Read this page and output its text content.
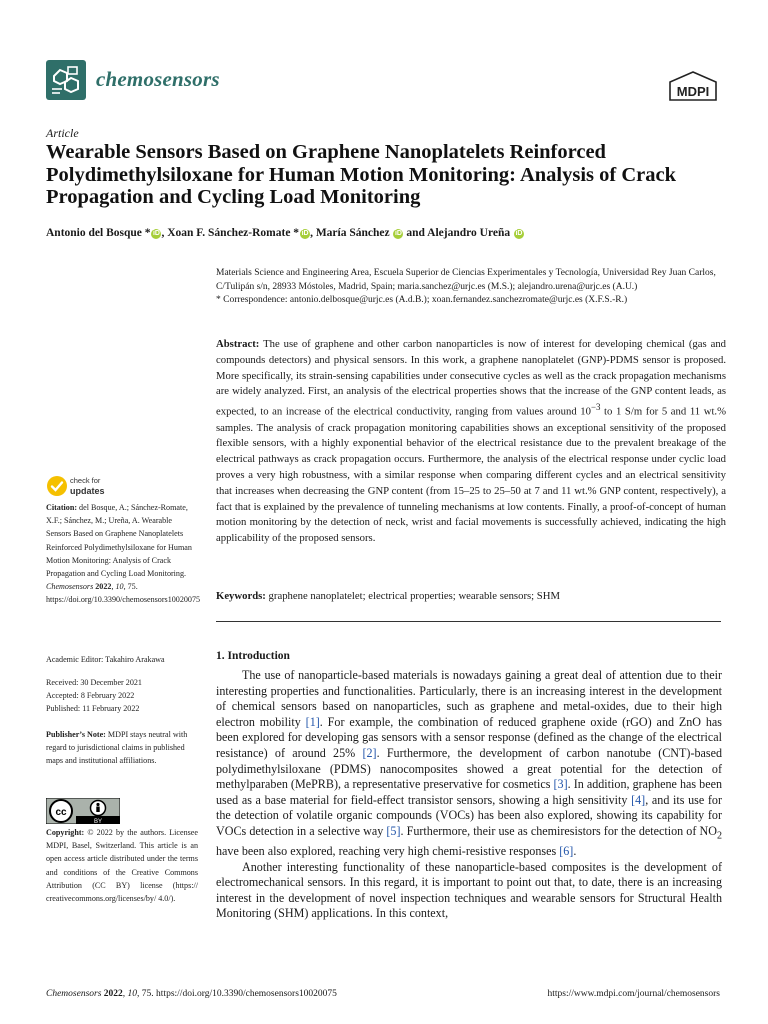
chemosensors
MDPI
Article
Wearable Sensors Based on Graphene Nanoplatelets Reinforced Polydimethylsiloxane for Human Motion Monitoring: Analysis of Crack Propagation and Cycling Load Monitoring
Antonio del Bosque * iD , Xoan F. Sánchez-Romate * iD , María Sánchez iD and Alejandro Ureña iD
Materials Science and Engineering Area, Escuela Superior de Ciencias Experimentales y Tecnología, Universidad Rey Juan Carlos, C/Tulipán s/n, 28933 Móstoles, Madrid, Spain; maria.sanchez@urjc.es (M.S.); alejandro.urena@urjc.es (A.U.)
* Correspondence: antonio.delbosque@urjc.es (A.d.B.); xoan.fernandez.sanchezromate@urjc.es (X.F.S.-R.)
Abstract: The use of graphene and other carbon nanoparticles is now of interest for developing chemical (gas and compounds detectors) and physical sensors. In this work, a graphene nanoplatelet (GNP)-PDMS sensor is proposed. More specifically, its strain-sensing capabilities under consecutive cycles as well as the crack propagation mechanisms are widely analyzed. First, an analysis of the electrical properties shows that the increase of the GNP content leads, as expected, to an increase of the electrical conductivity, ranging from values around $10^{-3}$ to 1 S/m for 5 and 11 wt.% samples. The analysis of crack propagation monitoring capabilities shows an exceptional sensitivity of the proposed flexible sensors, with a highly exponential behavior of the electrical resistance due to the prevalent breakage of the electrical pathways as crack propagation occurs. Furthermore, the analysis of the electrical response under cyclic load proves a very high robustness, with a similar response when comparing different cycles and an electrical sensitivity that increases when decreasing the GNP content (from 15–25 to 25–50 at 7 and 11 wt.% GNP content, respectively), a fact that is explained by the prevalence of tunneling mechanisms at low contents. Finally, a proof-of-concept of human motion monitoring by the detection of neck, wrist and facial movements is successfully achieved, indicating the high applicability of the proposed sensors.
Keywords: graphene nanoplatelet; electrical properties; wearable sensors; SHM
1. Introduction

The use of nanoparticle-based materials is nowadays gaining a great deal of attention due to their interesting properties and functionalities. Particularly, there is an increasing interest in the development of chemical sensors based on nanoparticles, such as graphene and metal-oxides, due to their high electron mobility [1]. For example, the combination of reduced graphene oxide (rGO) and ZnO has been explored for developing gas sensors with a sensor response (defined as the change of the electrical resistance) of around 25% [2]. Furthermore, the development of carbon nanotube (CNT)-based polydimethylsiloxane (PDMS) nanocomposites showed a great potential for the detection of methylparaben (MePRB), a representative preservative for cosmetics [3]. In addition, graphene has been used as a base material for field-effect transistor sensors, showing a high sensitivity [4], and its use for the detection of volatile organic compounds (VOCs) has been also explored, showing its capability for VOCs detection in a selective way [5]. Furthermore, their use as chemiresistors for the detection of $NO_2$ have been also explored, reaching very high chemi-resistive responses [6].

Another interesting functionality of these nanoparticle-based composites is the development of electromechanical sensors. In this regard, it is important to point out that, to date, there is an increasing interest in the development of novel inspection techniques and wearable sensors for Structural Health Monitoring (SHM) applications. In this context,

check for
updates
Citation: del Bosque, A.; Sánchez-Romate, X.F.; Sánchez, M.; Ureña, A. Wearable Sensors Based on Graphene Nanoplatelets Reinforced Polydimethylsiloxane for Human Motion Monitoring: Analysis of Crack Propagation and Cycling Load Monitoring. Chemosensors 2022, 10, 75. https://doi.org/10.3390/chemosensors10020075
Academic Editor: Takahiro Arakawa
Received: 30 December 2021
Accepted: 8 February 2022
Published: 11 February 2022
Publisher’s Note: MDPI stays neutral with regard to jurisdictional claims in published maps and institutional affiliations.
cc
BY
Copyright: © 2022 by the authors. Licensee MDPI, Basel, Switzerland. This article is an open access article distributed under the terms and conditions of the Creative Commons Attribution (CC BY) license (https:// creativecommons.org/licenses/by/ 4.0/).
Chemosensors 2022, 10, 75. https://doi.org/10.3390/chemosensors10020075	https://www.mdpi.com/journal/chemosensors
